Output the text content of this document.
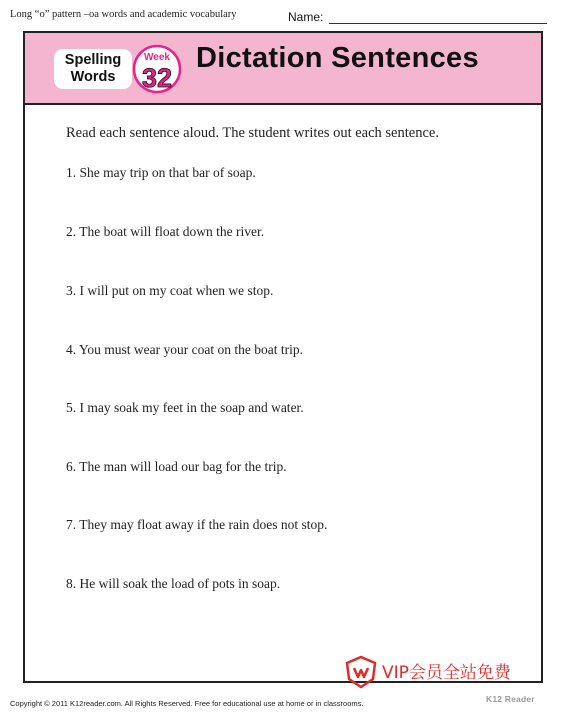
Long “o” pattern –oa words and academic vocabulary	Name:
Spelling
Words
Week
32
Dictation Sentences
Read each sentence aloud. The student writes out each sentence.
1. She may trip on that bar of soap.
2. The boat will float down the river.
3. I will put on my coat when we stop.
4. You must wear your coat on the boat trip.
5. I may soak my feet in the soap and water.
6. The man will load our bag for the trip.
7. They may float away if the rain does not stop.
8. He will soak the load of pots in soap.
VIP会员全站免费
K12 Reader
Copyright © 2011 K12reader.com. All Rights Reserved. Free for educational use at home or in classrooms.
